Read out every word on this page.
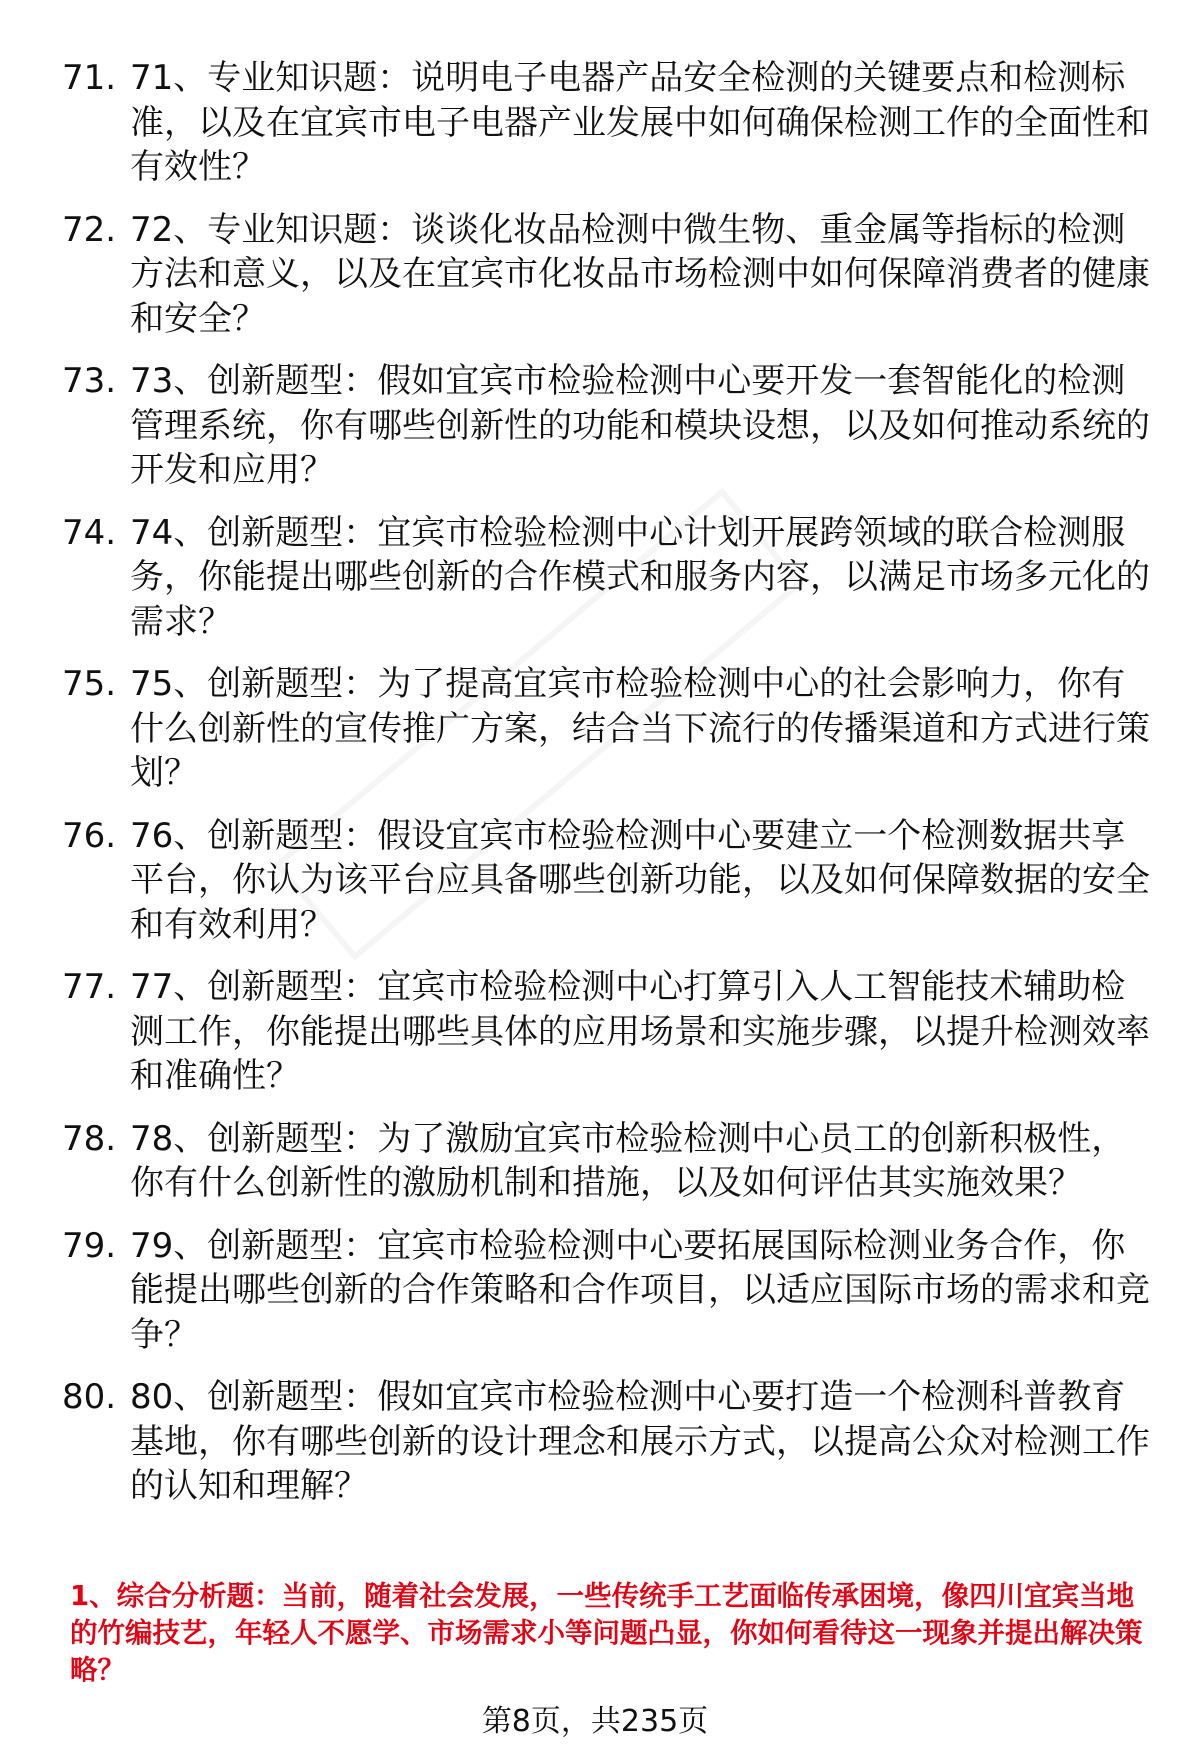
71. 71、专业知识题：说明电子电器产品安全检测的关键要点和检测标准，以及在宜宾市电子电器产业发展中如何确保检测工作的全面性和有效性？
72. 72、专业知识题：谈谈化妆品检测中微生物、重金属等指标的检测方法和意义，以及在宜宾市化妆品市场检测中如何保障消费者的健康和安全？
73. 73、创新题型：假如宜宾市检验检测中心要开发一套智能化的检测管理系统，你有哪些创新性的功能和模块设想，以及如何推动系统的开发和应用？
74. 74、创新题型：宜宾市检验检测中心计划开展跨领域的联合检测服务，你能提出哪些创新的合作模式和服务内容，以满足市场多元化的需求？
75. 75、创新题型：为了提高宜宾市检验检测中心的社会影响力，你有什么创新性的宣传推广方案，结合当下流行的传播渠道和方式进行策划？
76. 76、创新题型：假设宜宾市检验检测中心要建立一个检测数据共享平台，你认为该平台应具备哪些创新功能，以及如何保障数据的安全和有效利用？
77. 77、创新题型：宜宾市检验检测中心打算引入人工智能技术辅助检测工作，你能提出哪些具体的应用场景和实施步骤，以提升检测效率和准确性？
78. 78、创新题型：为了激励宜宾市检验检测中心员工的创新积极性，你有什么创新性的激励机制和措施，以及如何评估其实施效果？
79. 79、创新题型：宜宾市检验检测中心要拓展国际检测业务合作，你能提出哪些创新的合作策略和合作项目，以适应国际市场的需求和竞争？
80. 80、创新题型：假如宜宾市检验检测中心要打造一个检测科普教育基地，你有哪些创新的设计理念和展示方式，以提高公众对检测工作的认知和理解？
1、综合分析题：当前，随着社会发展，一些传统手工艺面临传承困境，像四川宜宾当地的竹编技艺，年轻人不愿学、市场需求小等问题凸显，你如何看待这一现象并提出解决策略？
第8页，共235页
